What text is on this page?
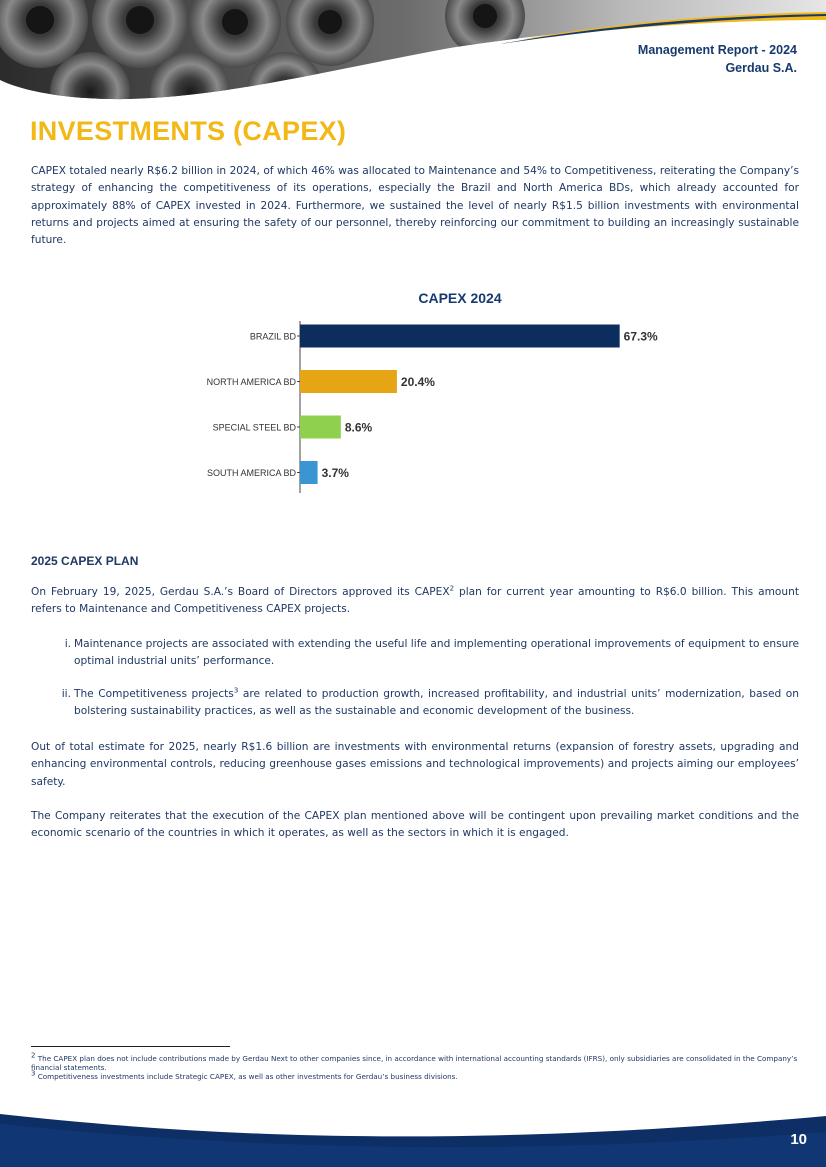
Management Report - 2024
Gerdau S.A.
INVESTMENTS (CAPEX)

CAPEX totaled nearly R$6.2 billion in 2024, of which 46% was allocated to Maintenance and 54% to Competitiveness, reiterating the Company’s strategy of enhancing the competitiveness of its operations, especially the Brazil and North America BDs, which already accounted for approximately 88% of CAPEX invested in 2024. Furthermore, we sustained the level of nearly R$1.5 billion investments with environmental returns and projects aimed at ensuring the safety of our personnel, thereby reinforcing our commitment to building an increasingly sustainable future.

CAPEX 2024
BRAZIL BD	67.3%
NORTH AMERICA BD	20.4%
SPECIAL STEEL BD	8.6%
SOUTH AMERICA BD 3.7%
2025 CAPEX PLAN

On February 19, 2025, Gerdau S.A.’s Board of Directors approved its CAPEX$^2$ plan for current year amounting to R$6.0 billion. This amount refers to Maintenance and Competitiveness CAPEX projects.

i. Maintenance projects are associated with extending the useful life and implementing operational improvements of equipment to ensure optimal industrial units’ performance.
ii. The Competitiveness projects$^3$ are related to production growth, increased profitability, and industrial units’ modernization, based on bolstering sustainability practices, as well as the sustainable and economic development of the business.

Out of total estimate for 2025, nearly R$1.6 billion are investments with environmental returns (expansion of forestry assets, upgrading and enhancing environmental controls, reducing greenhouse gases emissions and technological improvements) and projects aiming our employees’ safety.

The Company reiterates that the execution of the CAPEX plan mentioned above will be contingent upon prevailing market conditions and the economic scenario of the countries in which it operates, as well as the sectors in which it is engaged.

$^2$ The CAPEX plan does not include contributions made by Gerdau Next to other companies since, in accordance with international accounting standards (IFRS), only subsidiaries are consolidated in the Company’s financial statements.
$^3$ Competitiveness investments include Strategic CAPEX, as well as other investments for Gerdau’s business divisions.
10
